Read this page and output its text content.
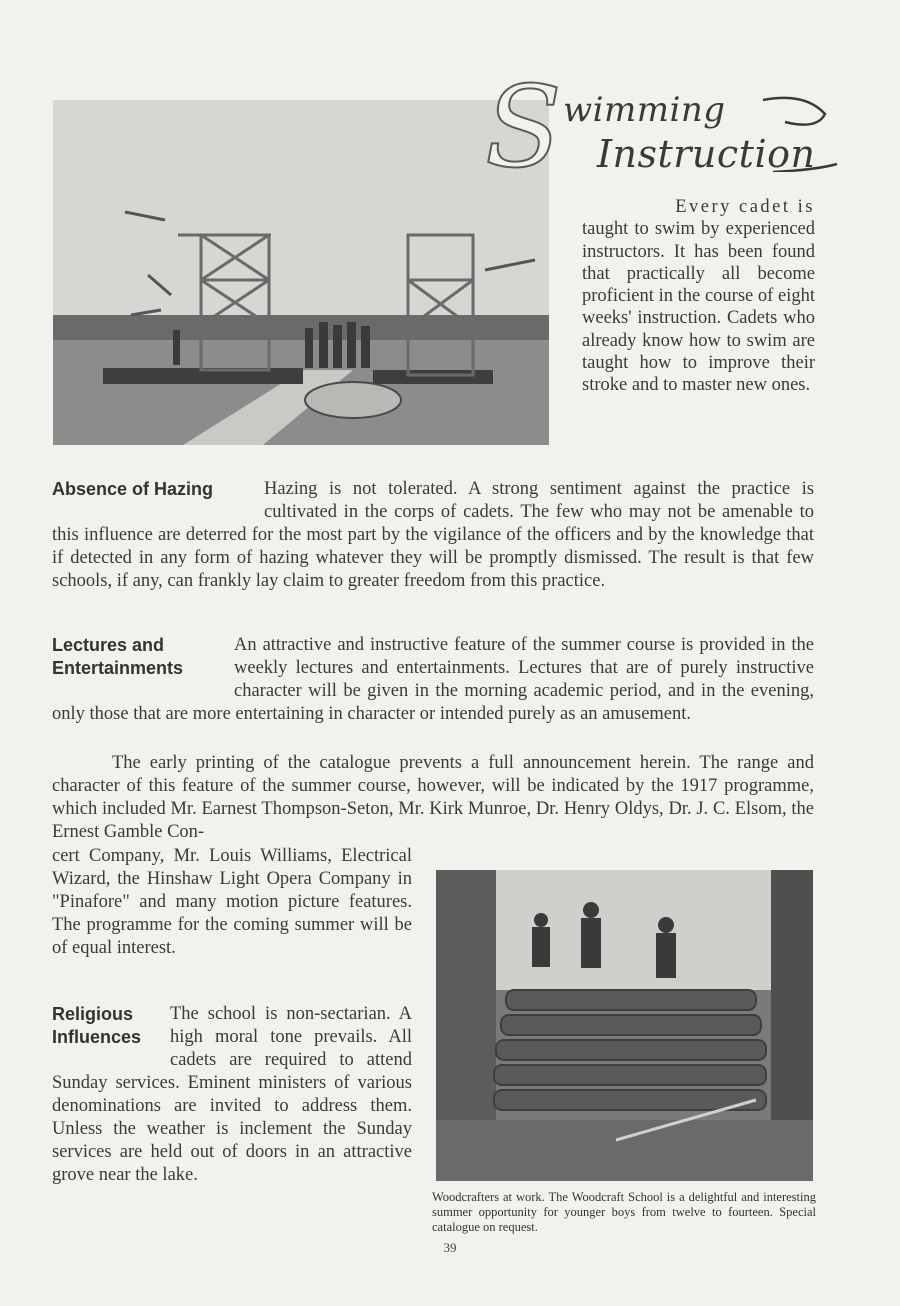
S wimming
Instruction
Every cadet is
taught to swim by experienced instructors. It has been found that practically all become proficient in the course of eight weeks' instruction. Cadets who already know how to swim are taught how to improve their stroke and to master new ones.
Absence of Hazing	Hazing is not tolerated. A strong sentiment against the practice is cultivated in the corps of cadets. The few who may not be amenable to this influence are deterred for the most part by the vigilance of the officers and by the knowledge that if detected in any form of hazing whatever they will be promptly dismissed. The result is that few schools, if any, can frankly lay claim to greater freedom from this practice.
Lectures and
Entertainments
An attractive and instructive feature of the summer course is provided in the weekly lectures and entertainments. Lectures that are of purely instructive character will be given in the morning academic period, and in the evening, only those that are more entertaining in character or intended purely as an amusement.
The early printing of the catalogue prevents a full announcement herein. The range and character of this feature of the summer course, however, will be indicated by the 1917 programme, which included Mr. Earnest Thompson-Seton, Mr. Kirk Munroe, Dr. Henry Oldys, Dr. J. C. Elsom, the Ernest Gamble Con-
cert Company, Mr. Louis Williams, Electrical Wizard, the Hinshaw Light Opera Company in "Pinafore" and many motion picture features. The programme for the coming summer will be of equal interest.
Religious
Influences
The school is non-sectarian. A high moral tone prevails. All cadets are required to attend Sunday services. Eminent ministers of various denominations are invited to address them. Unless the weather is inclement the Sunday services are held out of doors in an attractive grove near the lake.
Woodcrafters at work. The Woodcraft School is a delightful and interesting summer opportunity for younger boys from twelve to fourteen. Special catalogue on request.
39
